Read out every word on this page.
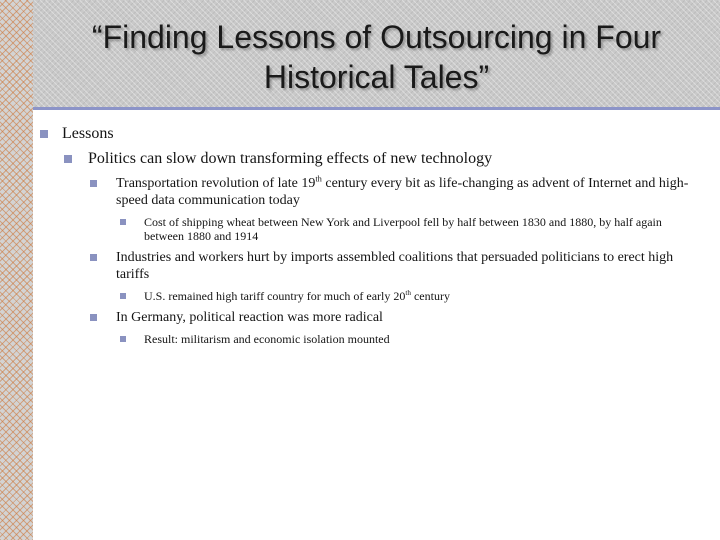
“Finding Lessons of Outsourcing in Four Historical Tales”
Lessons
Politics can slow down transforming effects of new technology
Transportation revolution of late 19th century every bit as life-changing as advent of Internet and high-speed data communication today
Cost of shipping wheat between New York and Liverpool fell by half between 1830 and 1880, by half again between 1880 and 1914
Industries and workers hurt by imports assembled coalitions that persuaded politicians to erect high tariffs
U.S. remained high tariff country for much of early 20th century
In Germany, political reaction was more radical
Result: militarism and economic isolation mounted
